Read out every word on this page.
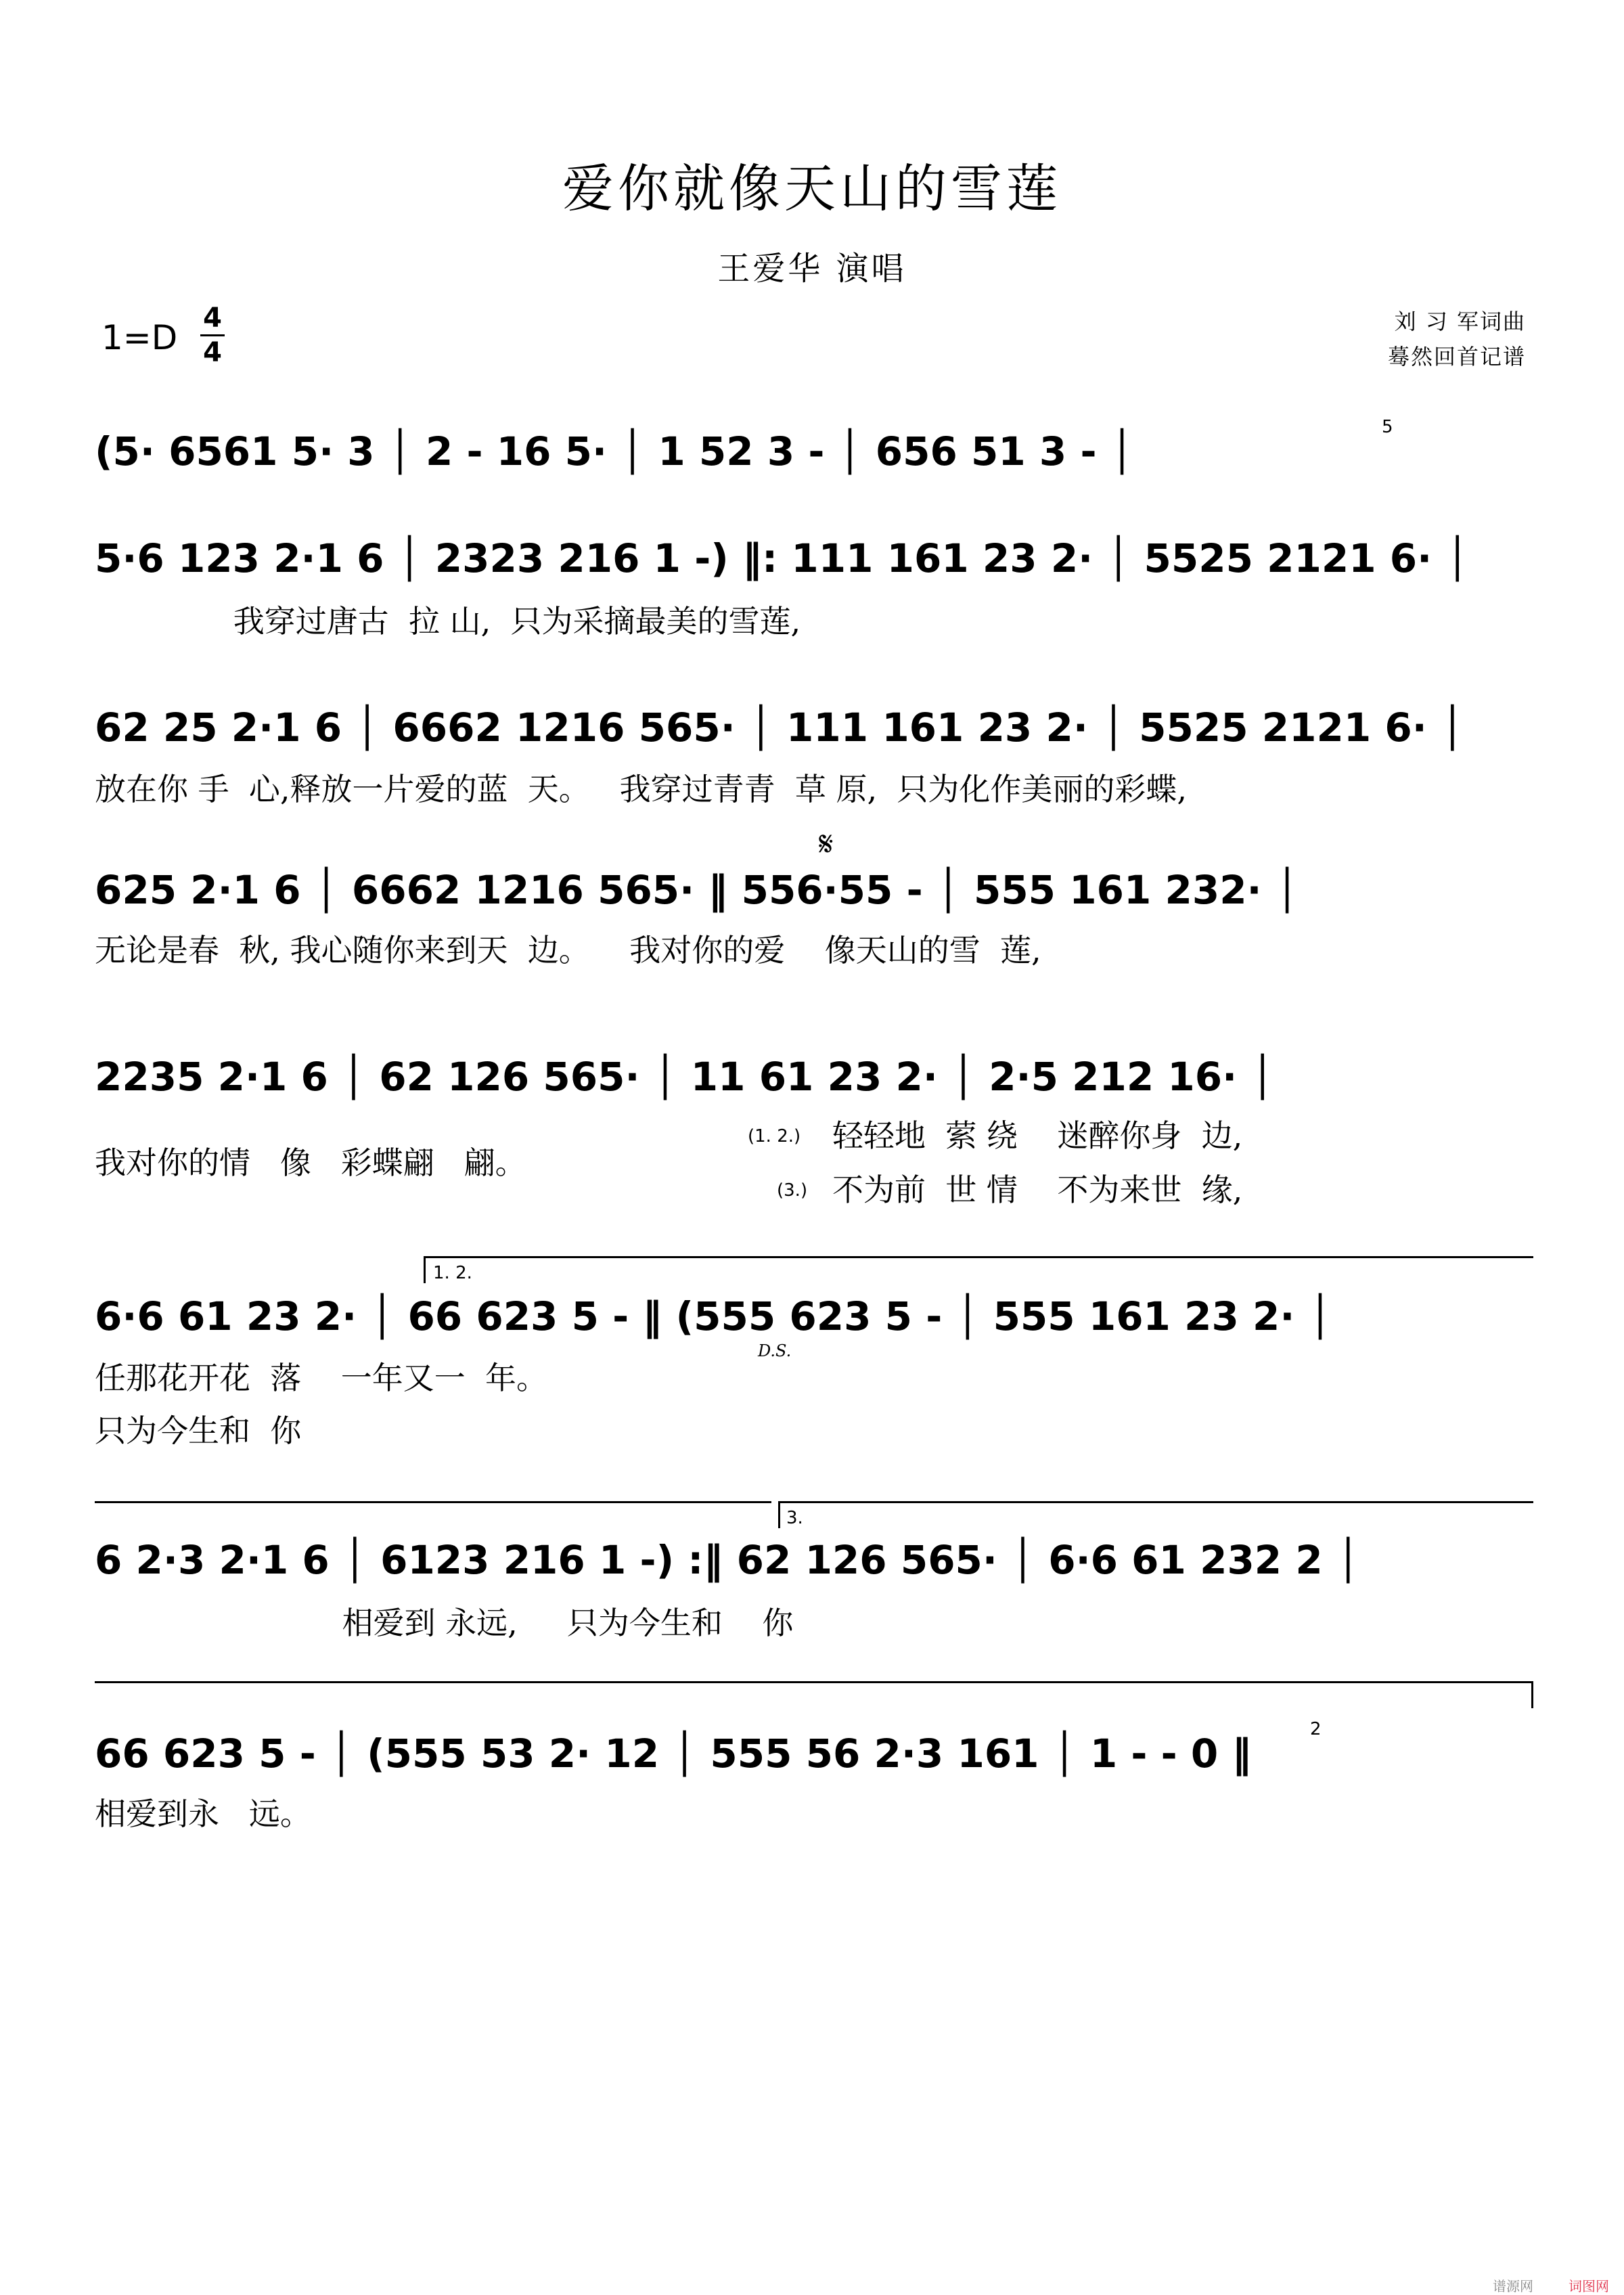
爱你就像天山的雪莲
王爱华 演唱
1=D 4
4
刘 习 军词曲
蓦然回首记谱
(5· 6561 5· 3 │ 2 - 16 5· │ 1 52 3 - │ 656 51 3 - │
5
5·6 123 2·1 6 │ 2323 216 1 -) ‖: 111 161 23 2· │ 5525 2121 6· │
我穿过唐古  拉 山,  只为采摘最美的雪莲,
62 25 2·1 6 │ 6662 1216 565· │ 111 161 23 2· │ 5525 2121 6· │
放在你 手  心,释放一片爱的蓝  天。   我穿过青青  草 原,  只为化作美丽的彩蝶,
𝄋
625 2·1 6 │ 6662 1216 565· ‖ 556·55 - │ 555 161 232· │
无论是春  秋, 我心随你来到天  边。    我对你的爱    像天山的雪  莲,
2235 2·1 6 │ 62 126 565· │ 11 61 23 2· │ 2·5 212 16· │
我对你的情   像   彩蝶翩   翩。
(1. 2.) 轻轻地  萦 绕    迷醉你身  边,
(3.) 不为前  世 情    不为来世  缘,
1. 2.
6·6 61 23 2· │ 66 623 5 - ‖ (555 623 5 - │ 555 161 23 2· │
D.S.
任那花开花  落    一年又一  年。
只为今生和  你
3.
6 2·3 2·1 6 │ 6123 216 1 -) :‖ 62 126 565· │ 6·6 61 232 2 │
相爱到 永远,     只为今生和    你
66 623 5 - │ (555 53 2· 12 │ 555 56 2·3 161 │ 1 - - 0 ‖
2
相爱到永   远。
谱源网	词图网
